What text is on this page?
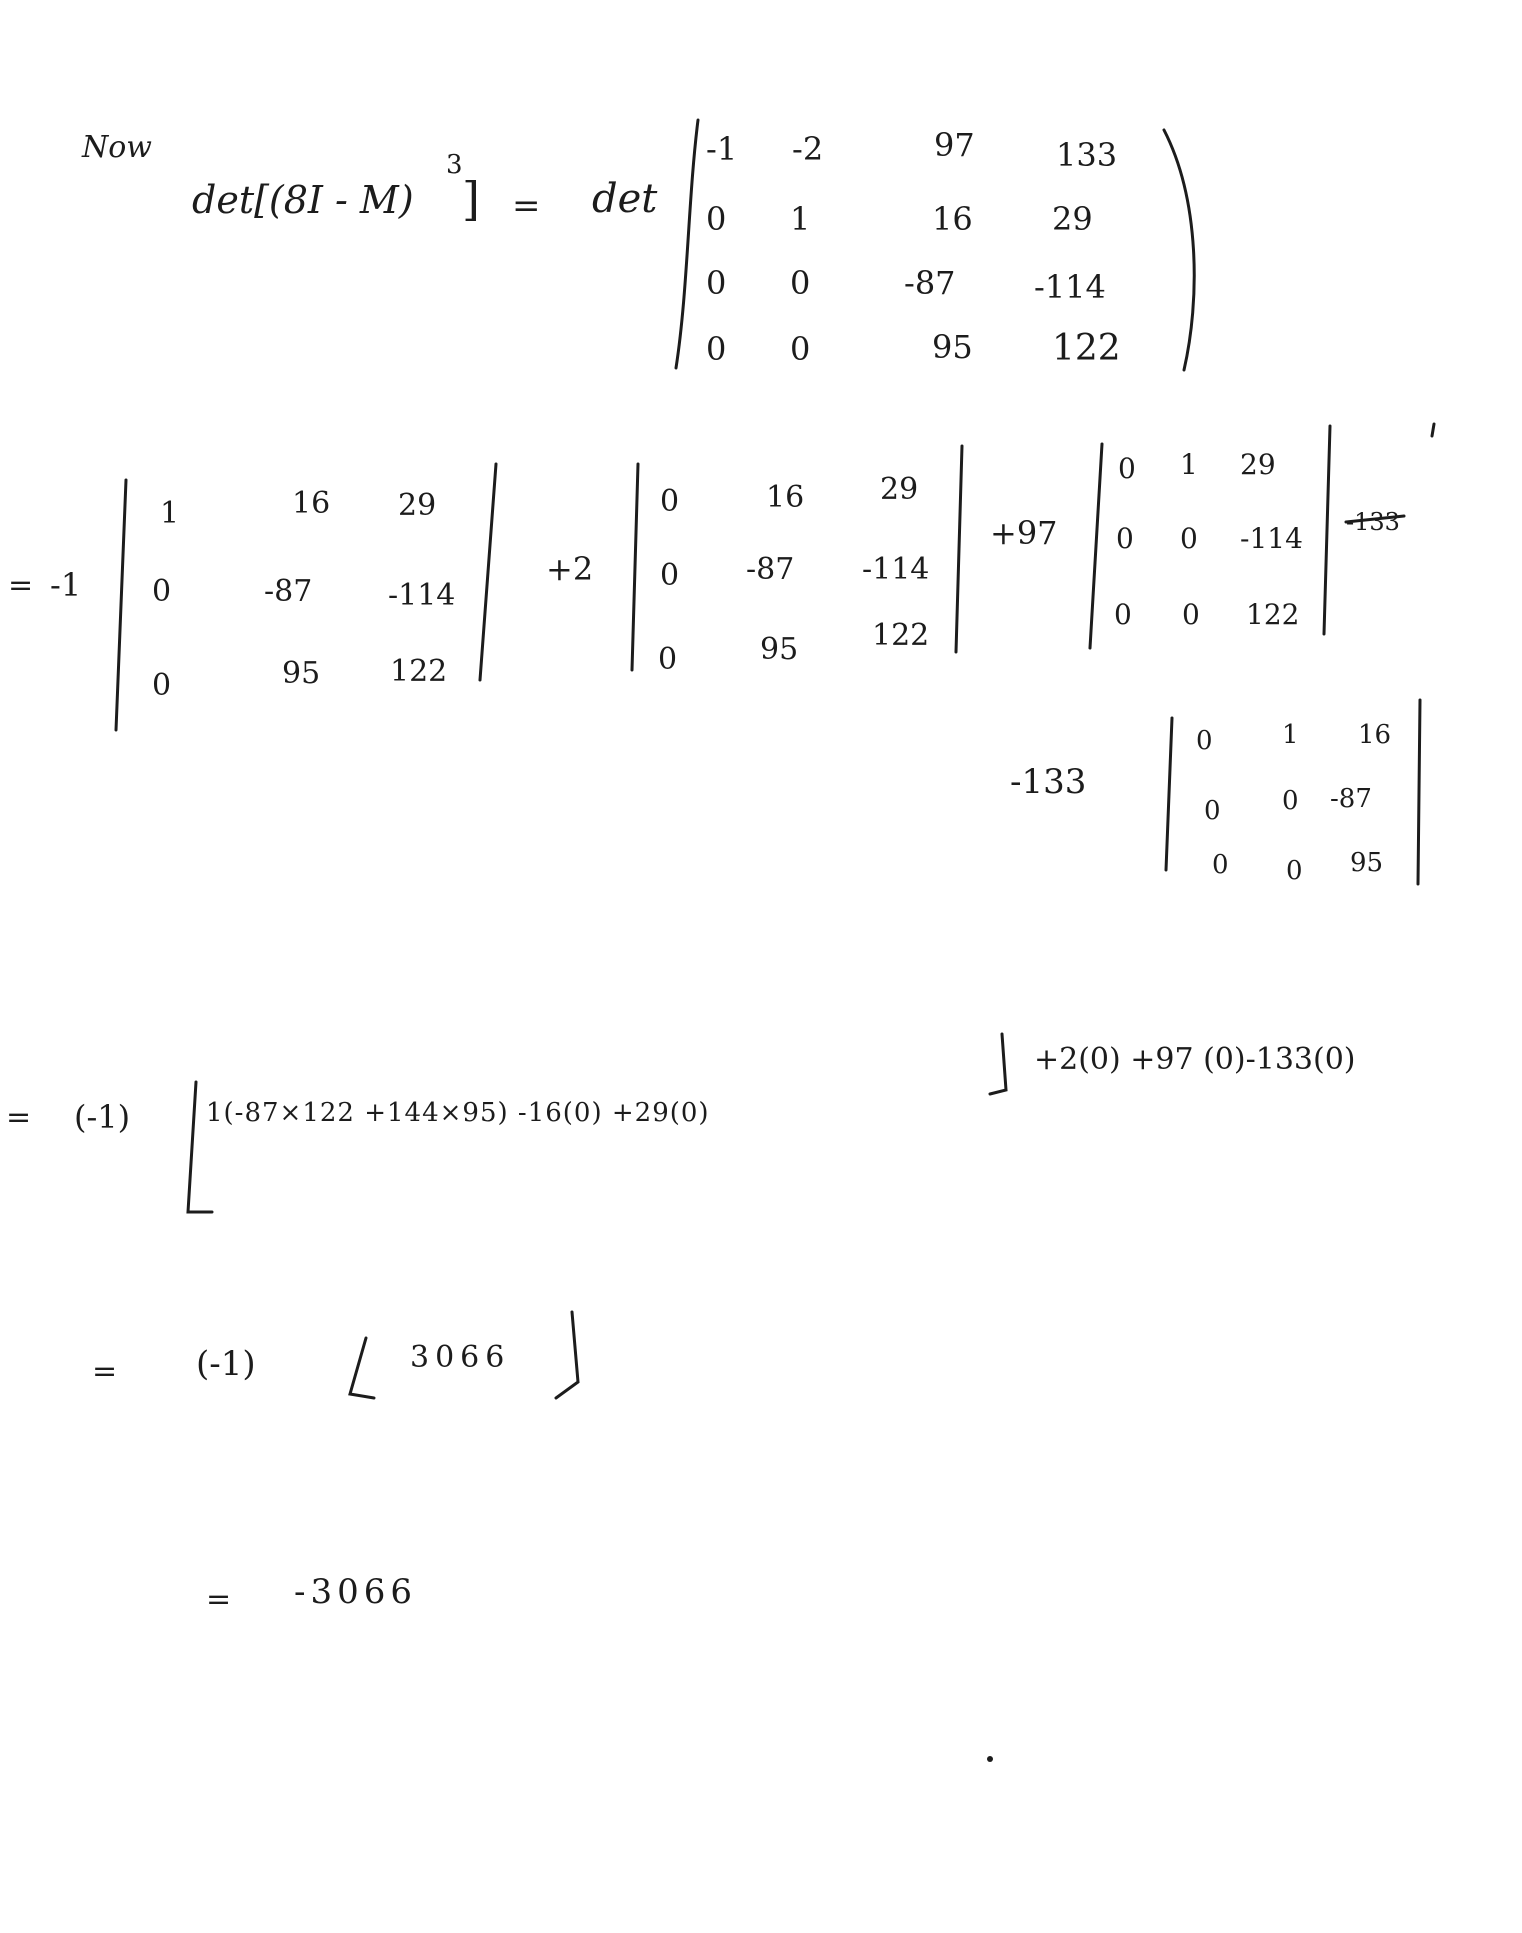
Now
det[(8I - M)
3
] = det
-1 -2	97	133
0 1	16 29
0 0	-87 -114
0 0	95 122
= -1
1	16 29
0	-87	-114
0	95 122
+2
0	16	29
0 -87 -114
0	95 122
+97
0 1 29
0 0 -114
0 0 122
-133
-133
0	1 16
0 0 -87
0 0 95
= (-1)	1(-87×122 +144×95) -16(0) +29(0)
+2(0) +97 (0)-133(0)
= (-1)	3066
= -3066
